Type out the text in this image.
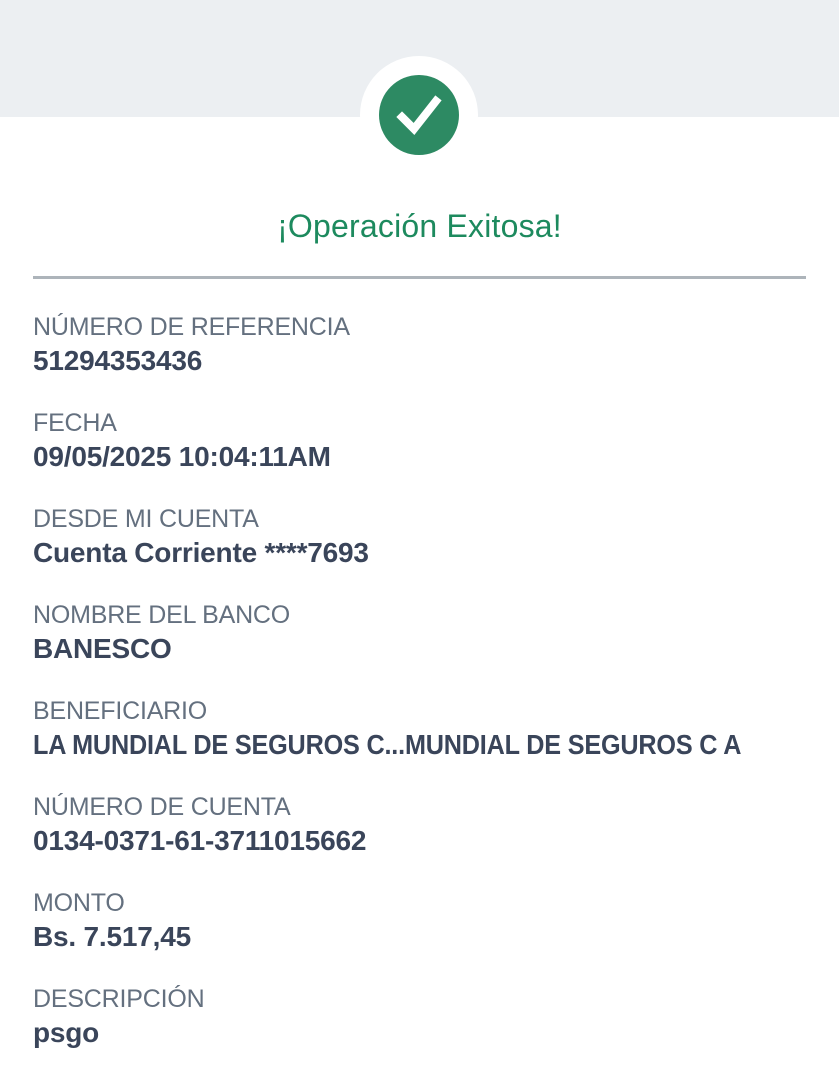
¡Operación Exitosa!
NÚMERO DE REFERENCIA
51294353436
FECHA
09/05/2025 10:04:11AM
DESDE MI CUENTA
Cuenta Corriente ****7693
NOMBRE DEL BANCO
BANESCO
BENEFICIARIO
LA MUNDIAL DE SEGUROS C...MUNDIAL DE SEGUROS C A
NÚMERO DE CUENTA
0134-0371-61-3711015662
MONTO
Bs. 7.517,45
DESCRIPCIÓN
psgo
